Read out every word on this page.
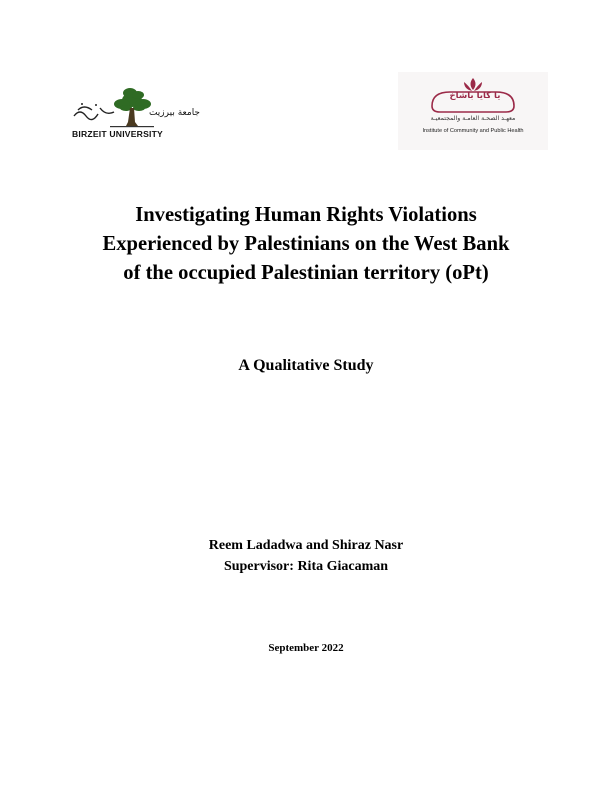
جامعة بيرزيت
BIRZEIT UNIVERSITY
يا كايا باشاخ
معهـد الصحـة العامـة والمجتمعيـة
Institute of Community and Public Health
Investigating Human Rights Violations
Experienced by Palestinians on the West Bank
of the occupied Palestinian territory (oPt)
A Qualitative Study
Reem Ladadwa and Shiraz Nasr
Supervisor: Rita Giacaman
September 2022
